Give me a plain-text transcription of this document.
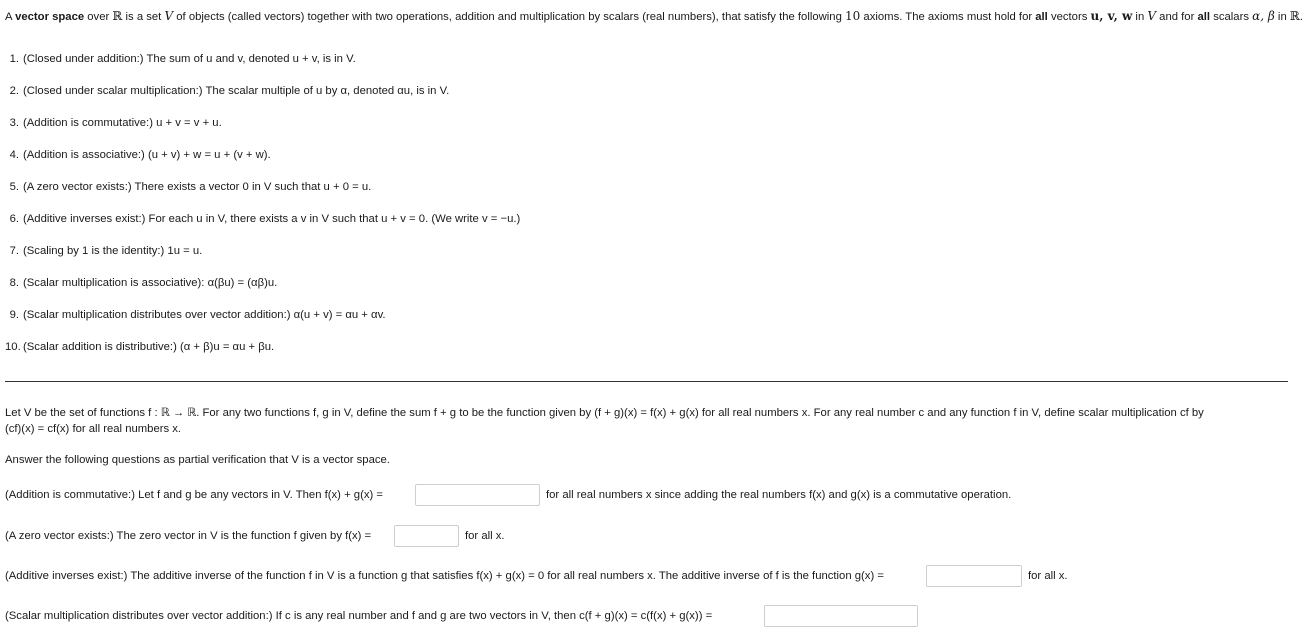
A vector space over ℝ is a set V of objects (called vectors) together with two operations, addition and multiplication by scalars (real numbers), that satisfy the following 10 axioms. The axioms must hold for all vectors u, v, w in V and for all scalars α, β in ℝ.
1. (Closed under addition:) The sum of u and v, denoted u + v, is in V.
2. (Closed under scalar multiplication:) The scalar multiple of u by α, denoted αu, is in V.
3. (Addition is commutative:) u + v = v + u.
4. (Addition is associative:) (u + v) + w = u + (v + w).
5. (A zero vector exists:) There exists a vector 0 in V such that u + 0 = u.
6. (Additive inverses exist:) For each u in V, there exists a v in V such that u + v = 0. (We write v = −u.)
7. (Scaling by 1 is the identity:) 1u = u.
8. (Scalar multiplication is associative): α(βu) = (αβ)u.
9. (Scalar multiplication distributes over vector addition:) α(u + v) = αu + αv.
10. (Scalar addition is distributive:) (α + β)u = αu + βu.
Let V be the set of functions f : ℝ → ℝ. For any two functions f, g in V, define the sum f + g to be the function given by (f + g)(x) = f(x) + g(x) for all real numbers x. For any real number c and any function f in V, define scalar multiplication cf by
(cf)(x) = cf(x) for all real numbers x.
Answer the following questions as partial verification that V is a vector space.
(Addition is commutative:) Let f and g be any vectors in V. Then f(x) + g(x) =	for all real numbers x since adding the real numbers f(x) and g(x) is a commutative operation.
(A zero vector exists:) The zero vector in V is the function f given by f(x) =	for all x.
(Additive inverses exist:) The additive inverse of the function f in V is a function g that satisfies f(x) + g(x) = 0 for all real numbers x. The additive inverse of f is the function g(x) =	for all x.
(Scalar multiplication distributes over vector addition:) If c is any real number and f and g are two vectors in V, then c(f + g)(x) = c(f(x) + g(x)) =
